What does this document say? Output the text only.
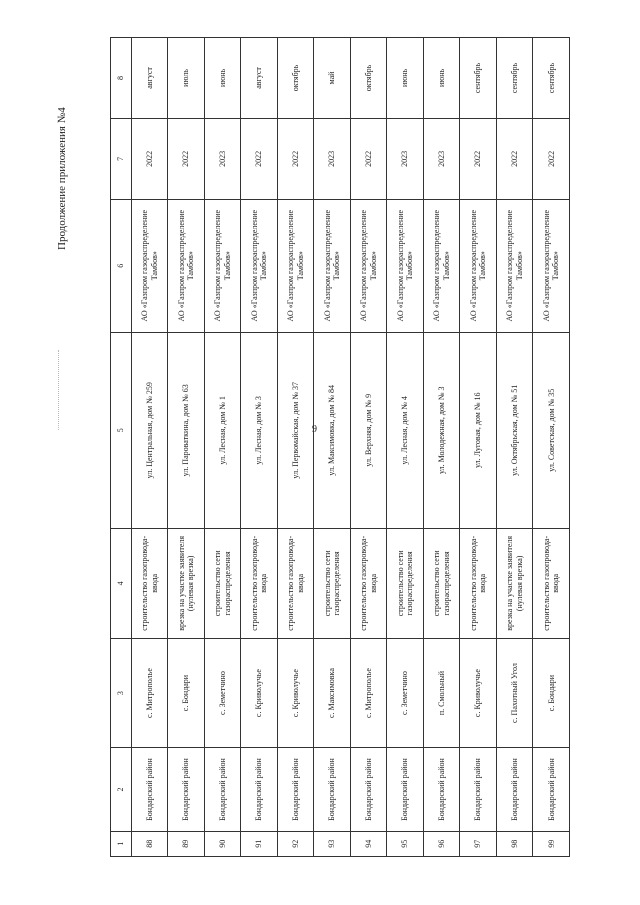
9
Продолжение приложения №4
1	2	3	4	5	6	7	8
88	Бондарский район	с. Митрополье	строительство газопровода-ввода	ул. Центральная, дом № 259	АО «Газпром газораспределение Тамбов»	2022	август
89	Бондарский район	с. Бондари	врезка на участке заявителя (нулевая врезка)	ул. Пароваткина, дом № 63	АО «Газпром газораспределение Тамбов»	2022	июль
90	Бондарский район	с. Земетчино	строительство сети газораспределения	ул. Лесная, дом № 1	АО «Газпром газораспределение Тамбов»	2023	июнь
91	Бондарский район	с. Криволучье	строительство газопровода-ввода	ул. Лесная, дом № 3	АО «Газпром газораспределение Тамбов»	2022	август
92	Бондарский район	с. Криволучье	строительство газопровода-ввода	ул. Первомайская, дом № 37	АО «Газпром газораспределение Тамбов»	2022	октябрь
93	Бондарский район	с. Максимовка	строительство сети газораспределения	ул. Максимовка, дом № 84	АО «Газпром газораспределение Тамбов»	2023	май
94	Бондарский район	с. Митрополье	строительство газопровода-ввода	ул. Верхняя, дом № 9	АО «Газпром газораспределение Тамбов»	2022	октябрь
95	Бондарский район	с. Земетчино	строительство сети газораспределения	ул. Лесная, дом № 4	АО «Газпром газораспределение Тамбов»	2023	июнь
96	Бондарский район	п. Смольный	строительство сети газораспределения	ул. Молодежная, дом № 3	АО «Газпром газораспределение Тамбов»	2023	июнь
97	Бондарский район	с. Криволучье	строительство газопровода-ввода	ул. Луговая, дом № 16	АО «Газпром газораспределение Тамбов»	2022	сентябрь
98	Бондарский район	с. Пахотный Угол	врезка на участке заявителя (нулевая врезка)	ул. Октябрьская, дом № 51	АО «Газпром газораспределение Тамбов»	2022	сентябрь
99	Бондарский район	с. Бондари	строительство газопровода-ввода	ул. Советская, дом № 35	АО «Газпром газораспределение Тамбов»	2022	сентябрь
